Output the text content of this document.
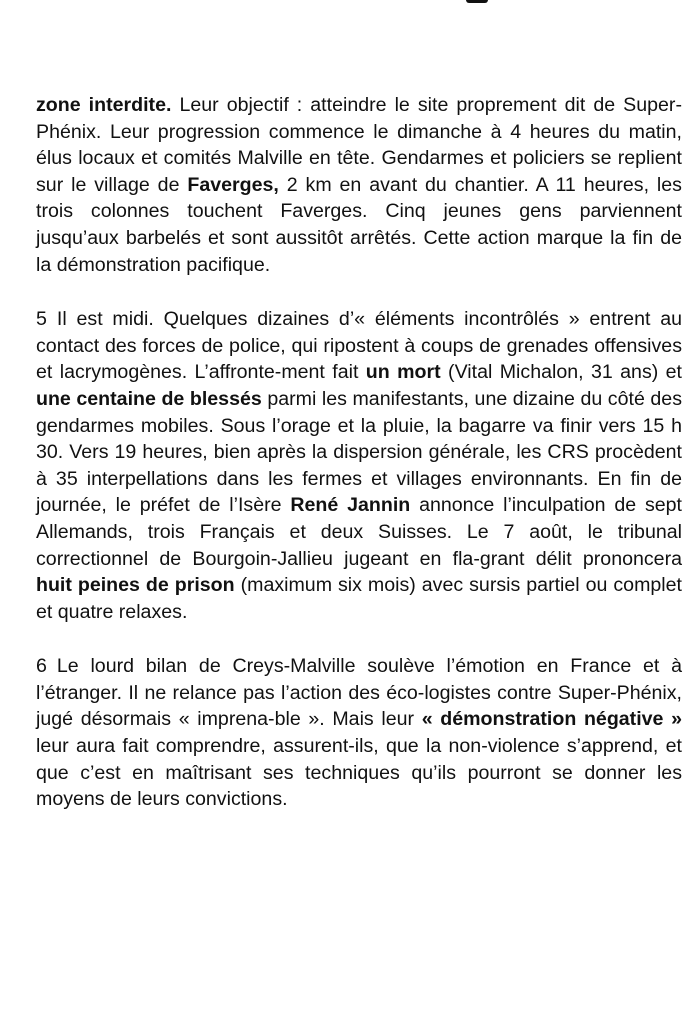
zone interdite. Leur objectif : atteindre le site proprement dit de Super-Phénix. Leur progression commence le dimanche à 4 heures du matin, élus locaux et comités Malville en tête. Gendarmes et policiers se replient sur le village de Faverges, 2 km en avant du chantier. A 11 heures, les trois colonnes touchent Faverges. Cinq jeunes gens parviennent jusqu’aux barbelés et sont aussitôt arrêtés. Cette action marque la fin de la démonstration pacifique.

5 Il est midi. Quelques dizaines d’« éléments incontrôlés » entrent au contact des forces de police, qui ripostent à coups de grenades offensives et lacrymogènes. L’affronte-ment fait un mort (Vital Michalon, 31 ans) et une centaine de blessés parmi les manifestants, une dizaine du côté des gendarmes mobiles. Sous l’orage et la pluie, la bagarre va finir vers 15 h 30. Vers 19 heures, bien après la dispersion générale, les CRS procèdent à 35 interpellations dans les fermes et villages environnants. En fin de journée, le préfet de l’Isère René Jannin annonce l’inculpation de sept Allemands, trois Français et deux Suisses. Le 7 août, le tribunal correctionnel de Bourgoin-Jallieu jugeant en fla-grant délit prononcera huit peines de prison (maximum six mois) avec sursis partiel ou complet et quatre relaxes.

6 Le lourd bilan de Creys-Malville soulève l’émotion en France et à l’étranger. Il ne relance pas l’action des éco-logistes contre Super-Phénix, jugé désormais « imprena-ble ». Mais leur « démonstration négative » leur aura fait comprendre, assurent-ils, que la non-violence s’apprend, et que c’est en maîtrisant ses techniques qu’ils pourront se donner les moyens de leurs convictions.
